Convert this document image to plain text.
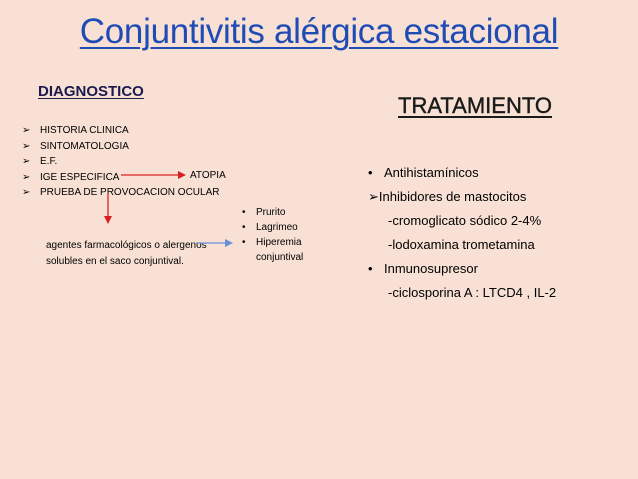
Conjuntivitis alérgica estacional
DIAGNOSTICO
TRATAMIENTO
➢ HISTORIA CLINICA
➢ SINTOMATOLOGIA
➢ E.F.
➢ IGE ESPECIFICA
➢ PRUEBA DE PROVOCACION OCULAR
ATOPIA
agentes farmacológicos o alergenos solubles en el saco conjuntival.
• Prurito
• Lagrimeo
• Hiperemia conjuntival
• Antihistamínicos
➢Inhibidores de mastocitos
-cromoglicato sódico 2-4%
-lodoxamina trometamina
• Inmunosupresor
-ciclosporina A : LTCD4 , IL-2
